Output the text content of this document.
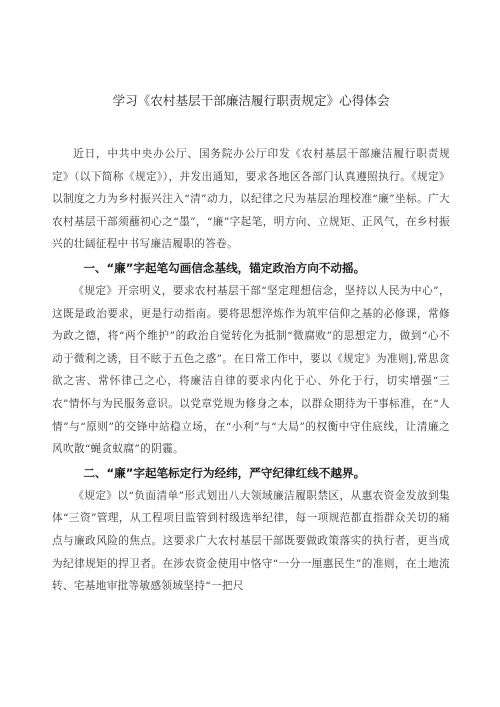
学习《农村基层干部廉洁履行职责规定》心得体会

近日，中共中央办公厅、国务院办公厅印发《农村基层干部廉洁履行职责规定》（以下简称《规定》），并发出通知，要求各地区各部门认真遵照执行。《规定》以制度之力为乡村振兴注入“清”动力，以纪律之尺为基层治理校准“廉”坐标。广大农村基层干部须蘸初心之“墨”，“廉”字起笔，明方向、立规矩、正风气，在乡村振兴的壮阔征程中书写廉洁履职的答卷。

一、“廉”字起笔勾画信念基线，锚定政治方向不动摇。

《规定》开宗明义，要求农村基层干部“坚定理想信念，坚持以人民为中心”，这既是政治要求，更是行动指南。要将思想淬炼作为筑牢信仰之基的必修课，常修为政之德，将“两个维护”的政治自觉转化为抵制“微腐败”的思想定力，做到“心不动于微利之诱，目不眩于五色之惑”。在日常工作中，要以《规定》为准则],常思贪欲之害、常怀律己之心，将廉洁自律的要求内化于心、外化于行，切实增强“三农”情怀与为民服务意识。以党章党规为修身之本，以群众期待为干事标准，在“人情”与“原则”的交锋中站稳立场，在“小利”与“大局”的权衡中守住底线，让清廉之风吹散“蝇贪蚁腐”的阴霾。

二、“廉”字起笔标定行为经纬，严守纪律红线不越界。

《规定》以“负面清单”形式划出八大领域廉洁履职禁区，从惠农资金发放到集体“三资”管理，从工程项目监管到村级选举纪律，每一项规范都直指群众关切的痛点与廉政风险的焦点。这要求广大农村基层干部既要做政策落实的执行者，更当成为纪律规矩的捍卫者。在涉农资金使用中恪守“一分一厘惠民生”的准则，在土地流转、宅基地审批等敏感领域坚持“一把尺
